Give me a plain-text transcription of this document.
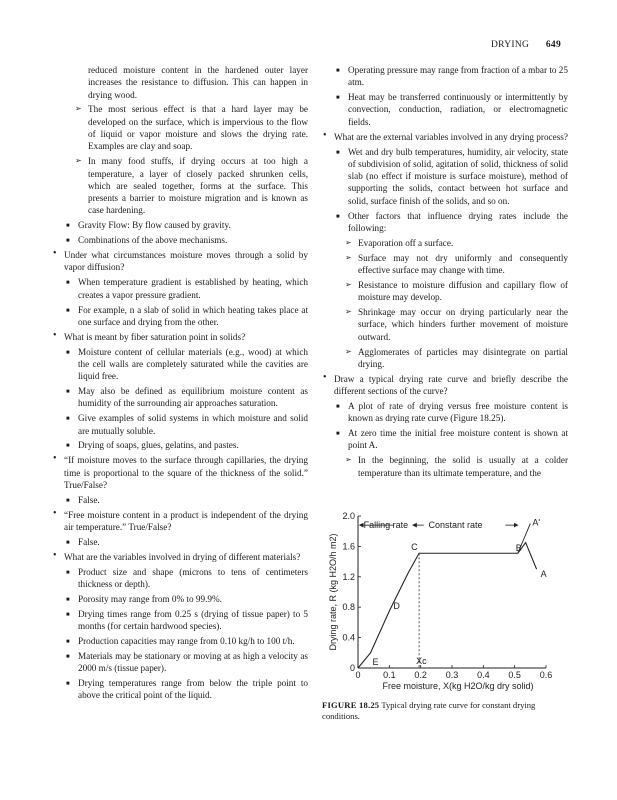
DRYING 649
reduced moisture content in the hardened outer layer increases the resistance to diffusion. This can happen in drying wood.
➢ The most serious effect is that a hard layer may be developed on the surface, which is impervious to the flow of liquid or vapor moisture and slows the drying rate. Examples are clay and soap.
➢ In many food stuffs, if drying occurs at too high a temperature, a layer of closely packed shrunken cells, which are sealed together, forms at the surface. This presents a barrier to moisture migration and is known as case hardening.
■ Gravity Flow: By flow caused by gravity.
■ Combinations of the above mechanisms.
• Under what circumstances moisture moves through a solid by vapor diffusion?
■ When temperature gradient is established by heating, which creates a vapor pressure gradient.
■ For example, n a slab of solid in which heating takes place at one surface and drying from the other.
• What is meant by fiber saturation point in solids?
■ Moisture content of cellular materials (e.g., wood) at which the cell walls are completely saturated while the cavities are liquid free.
■ May also be defined as equilibrium moisture content as humidity of the surrounding air approaches saturation.
■ Give examples of solid systems in which moisture and solid are mutually soluble.
■ Drying of soaps, glues, gelatins, and pastes.
• “If moisture moves to the surface through capillaries, the drying time is proportional to the square of the thickness of the solid.” True/False?
■ False.
• “Free moisture content in a product is independent of the drying air temperature.” True/False?
■ False.
• What are the variables involved in drying of different materials?
■ Product size and shape (microns to tens of centimeters thickness or depth).
■ Porosity may range from 0% to 99.9%.
■ Drying times range from 0.25 s (drying of tissue paper) to 5 months (for certain hardwood species).
■ Production capacities may range from 0.10 kg/h to 100 t/h.
■ Materials may be stationary or moving at as high a velocity as 2000 m/s (tissue paper).
■ Drying temperatures range from below the triple point to above the critical point of the liquid.
■ Operating pressure may range from fraction of a mbar to 25 atm.
■ Heat may be transferred continuously or intermittently by convection, conduction, radiation, or electromagnetic fields.
• What are the external variables involved in any drying process?
■ Wet and dry bulb temperatures, humidity, air velocity, state of subdivision of solid, agitation of solid, thickness of solid slab (no effect if moisture is surface moisture), method of supporting the solids, contact between hot surface and solid, surface finish of the solids, and so on.
■ Other factors that influence drying rates include the following:
➢ Evaporation off a surface.
➢ Surface may not dry uniformly and consequently effective surface may change with time.
➢ Resistance to moisture diffusion and capillary flow of moisture may develop.
➢ Shrinkage may occur on drying particularly near the surface, which hinders further movement of moisture outward.
➢ Agglomerates of particles may disintegrate on partial drying.
• Draw a typical drying rate curve and briefly describe the different sections of the curve?
■ A plot of rate of drying versus free moisture content is known as drying rate curve (Figure 18.25).
■ At zero time the initial free moisture content is shown at point A.
➢ In the beginning, the solid is usually at a colder temperature than its ultimate temperature, and the
0	0.1 0.2 0.3 0.4 0.5 0.6
0
0.4
0.8
1.2
1.6
2.0
Free moisture, X(kg H2O/kg dry solid)
Drying rate, R (kg H2O/h m2)
Falling rate Constant rate
A
A'
B
C
D
E	Xc
FIGURE 18.25 Typical drying rate curve for constant drying conditions.
